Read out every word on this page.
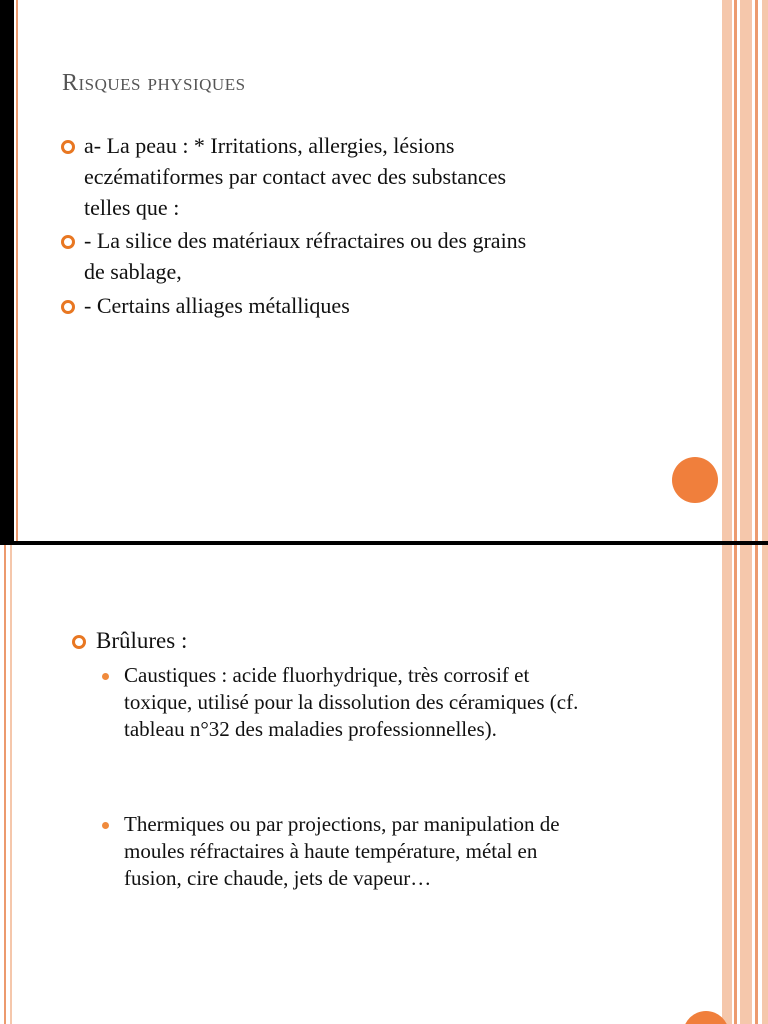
Risques physiques
a- La peau : * Irritations, allergies, lésions
eczématiformes par contact avec des substances
telles que :
- La silice des matériaux réfractaires ou des grains
de sablage,
- Certains alliages métalliques
Brûlures :
Caustiques : acide fluorhydrique, très corrosif et
toxique, utilisé pour la dissolution des céramiques (cf.
tableau n°32 des maladies professionnelles).
Thermiques ou par projections, par manipulation de
moules réfractaires à haute température, métal en
fusion, cire chaude, jets de vapeur…
